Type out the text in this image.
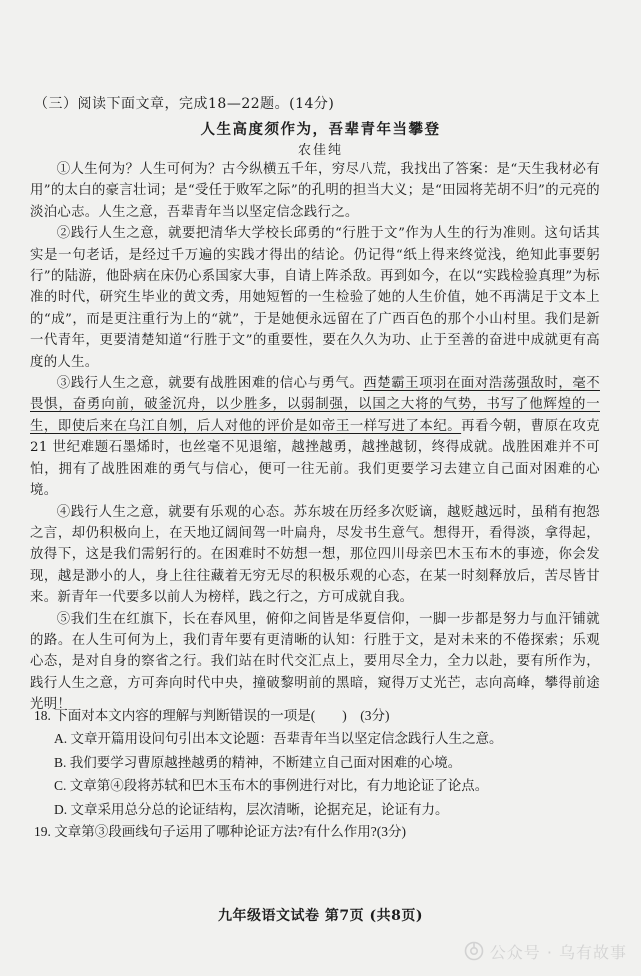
（三）阅读下面文章，完成18—22题。(14分)
人生高度须作为，吾辈青年当攀登
农佳纯

①人生何为？人生可何为？古今纵横五千年，穷尽八荒，我找出了答案：是“天生我材必有用”的太白的豪言壮词；是“受任于败军之际”的孔明的担当大义；是“田园将芜胡不归”的元亮的淡泊心志。人生之意，吾辈青年当以坚定信念践行之。

②践行人生之意，就要把清华大学校长邱勇的“行胜于文”作为人生的行为准则。这句话其实是一句老话，是经过千万遍的实践才得出的结论。仍记得“纸上得来终觉浅，绝知此事要躬行”的陆游，他卧病在床仍心系国家大事，自请上阵杀敌。再到如今，在以“实践检验真理”为标准的时代，研究生毕业的黄文秀，用她短暂的一生检验了她的人生价值，她不再满足于文本上的“成”，而是更注重行为上的“就”，于是她便永远留在了广西百色的那个小山村里。我们是新一代青年，更要清楚知道“行胜于文”的重要性，要在久久为功、止于至善的奋进中成就更有高度的人生。

③践行人生之意，就要有战胜困难的信心与勇气。西楚霸王项羽在面对浩荡强敌时，毫不畏惧，奋勇向前，破釜沉舟，以少胜多，以弱制强，以国之大将的气势，书写了他辉煌的一生，即使后来在乌江自刎，后人对他的评价是如帝王一样写进了本纪。再看今朝，曹原在攻克 21 世纪难题石墨烯时，也丝毫不见退缩，越挫越勇，越挫越韧，终得成就。战胜困难并不可怕，拥有了战胜困难的勇气与信心，便可一往无前。我们更要学习去建立自己面对困难的心境。

④践行人生之意，就要有乐观的心态。苏东坡在历经多次贬谪，越贬越远时，虽稍有抱怨之言，却仍积极向上，在天地辽阔间驾一叶扁舟，尽发书生意气。想得开，看得淡，拿得起，放得下，这是我们需躬行的。在困难时不妨想一想，那位四川母亲巴木玉布木的事迹，你会发现，越是渺小的人，身上往往藏着无穷无尽的积极乐观的心态，在某一时刻释放后，苦尽皆甘来。新青年一代要多以前人为榜样，践之行之，方可成就自我。

⑤我们生在红旗下，长在春风里，俯仰之间皆是华夏信仰，一脚一步都是努力与血汗铺就的路。在人生可何为上，我们青年要有更清晰的认知：行胜于文，是对未来的不倦探索；乐观心态，是对自身的察省之行。我们站在时代交汇点上，要用尽全力，全力以赴，要有所作为，践行人生之意，方可奔向时代中央，撞破黎明前的黑暗，窥得万丈光芒，志向高峰，攀得前途光明！

18. 下面对本文内容的理解与判断错误的一项是(　　)　(3分)
A. 文章开篇用设问句引出本文论题：吾辈青年当以坚定信念践行人生之意。
B. 我们要学习曹原越挫越勇的精神，不断建立自己面对困难的心境。
C. 文章第④段将苏轼和巴木玉布木的事例进行对比，有力地论证了论点。
D. 文章采用总分总的论证结构，层次清晰，论据充足，论证有力。
19. 文章第③段画线句子运用了哪种论证方法?有什么作用?(3分)
九年级语文试卷 第7页 (共8页)
公众号 · 乌有故事
